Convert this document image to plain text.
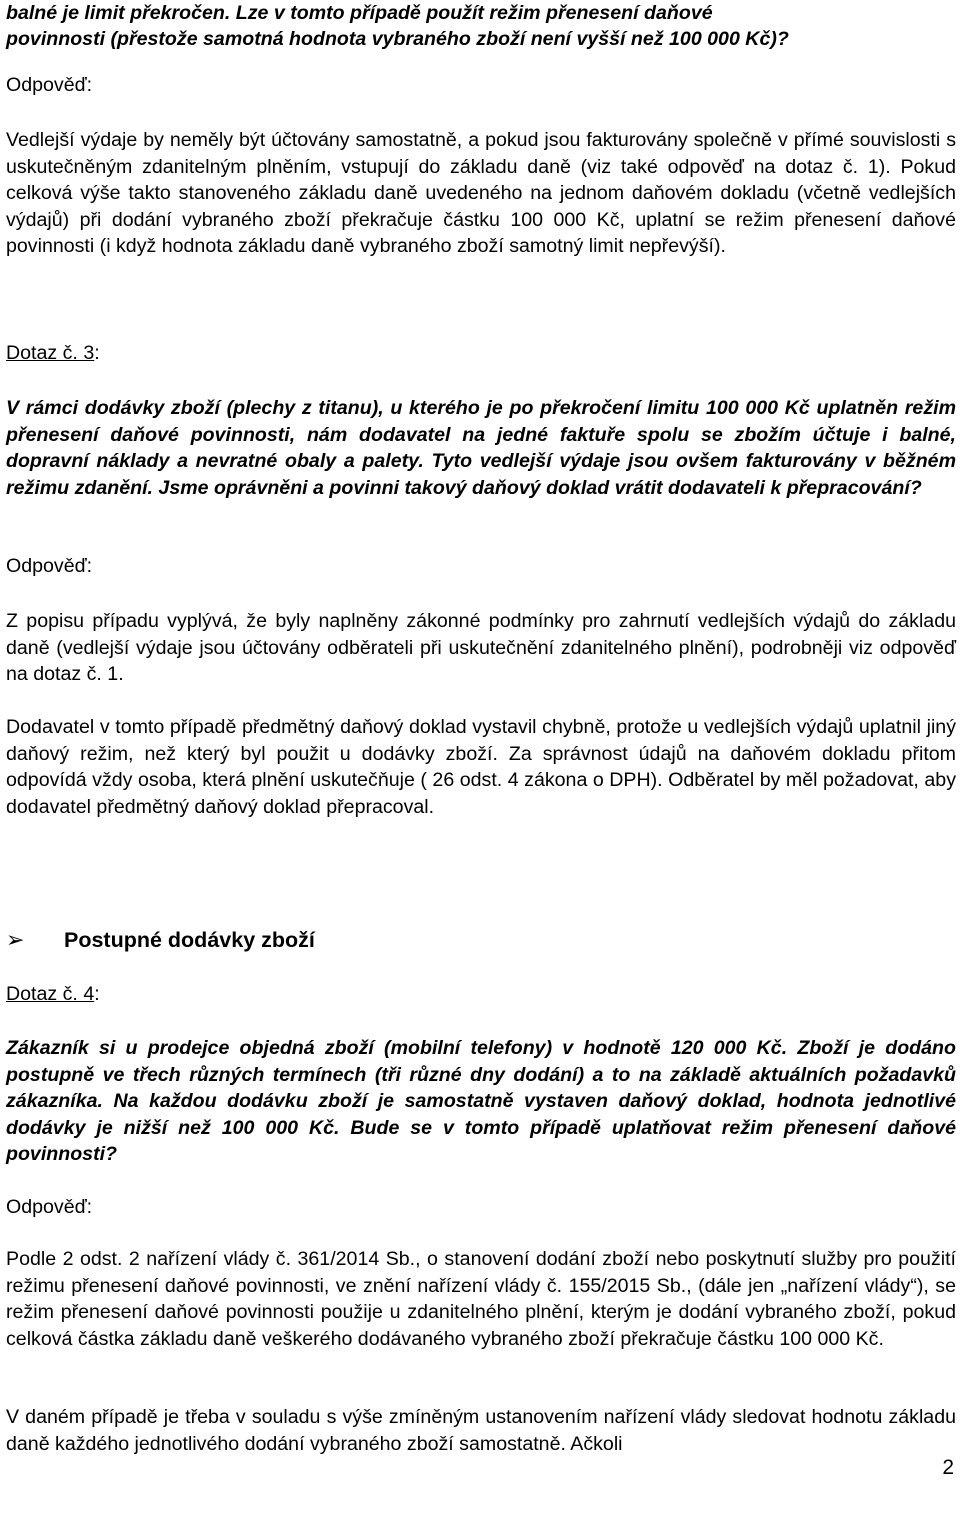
balné je limit překročen. Lze v tomto případě použít režim přenesení daňové

povinnosti (přestože samotná hodnota vybraného zboží není vyšší než 100 000 Kč)?

Odpověď:

Vedlejší výdaje by neměly být účtovány samostatně, a pokud jsou fakturovány společně v přímé souvislosti s uskutečněným zdanitelným plněním, vstupují do základu daně (viz také odpověď na dotaz č. 1). Pokud celková výše takto stanoveného základu daně uvedeného na jednom daňovém dokladu (včetně vedlejších výdajů) při dodání vybraného zboží překračuje částku 100 000 Kč, uplatní se režim přenesení daňové povinnosti (i když hodnota základu daně vybraného zboží samotný limit nepřevýší).

Dotaz č. 3:

V rámci dodávky zboží (plechy z titanu), u kterého je po překročení limitu 100 000 Kč uplatněn režim přenesení daňové povinnosti, nám dodavatel na jedné faktuře spolu se zbožím účtuje i balné, dopravní náklady a nevratné obaly a palety. Tyto vedlejší výdaje jsou ovšem fakturovány v běžném režimu zdanění. Jsme oprávněni a povinni takový daňový doklad vrátit dodavateli k přepracování?

Odpověď:

Z popisu případu vyplývá, že byly naplněny zákonné podmínky pro zahrnutí vedlejších výdajů do základu daně (vedlejší výdaje jsou účtovány odběrateli při uskutečnění zdanitelného plnění), podrobněji viz odpověď na dotaz č. 1.

Dodavatel v tomto případě předmětný daňový doklad vystavil chybně, protože u vedlejších výdajů uplatnil jiný daňový režim, než který byl použit u dodávky zboží. Za správnost údajů na daňovém dokladu přitom odpovídá vždy osoba, která plnění uskutečňuje ( 26 odst. 4 zákona o DPH). Odběratel by měl požadovat, aby dodavatel předmětný daňový doklad přepracoval.

➢	Postupné dodávky zboží
Dotaz č. 4:

Zákazník si u prodejce objedná zboží (mobilní telefony) v hodnotě 120 000 Kč. Zboží je dodáno postupně ve třech různých termínech (tři různé dny dodání) a to na základě aktuálních požadavků zákazníka. Na každou dodávku zboží je samostatně vystaven daňový doklad, hodnota jednotlivé dodávky je nižší než 100 000 Kč. Bude se v tomto případě uplatňovat režim přenesení daňové povinnosti?

Odpověď:

Podle 2 odst. 2 nařízení vlády č. 361/2014 Sb., o stanovení dodání zboží nebo poskytnutí služby pro použití režimu přenesení daňové povinnosti, ve znění nařízení vlády č. 155/2015 Sb., (dále jen „nařízení vlády“), se režim přenesení daňové povinnosti použije u zdanitelného plnění, kterým je dodání vybraného zboží, pokud celková částka základu daně veškerého dodávaného vybraného zboží překračuje částku 100 000 Kč.

V daném případě je třeba v souladu s výše zmíněným ustanovením nařízení vlády sledovat hodnotu základu daně každého jednotlivého dodání vybraného zboží samostatně. Ačkoli

2
